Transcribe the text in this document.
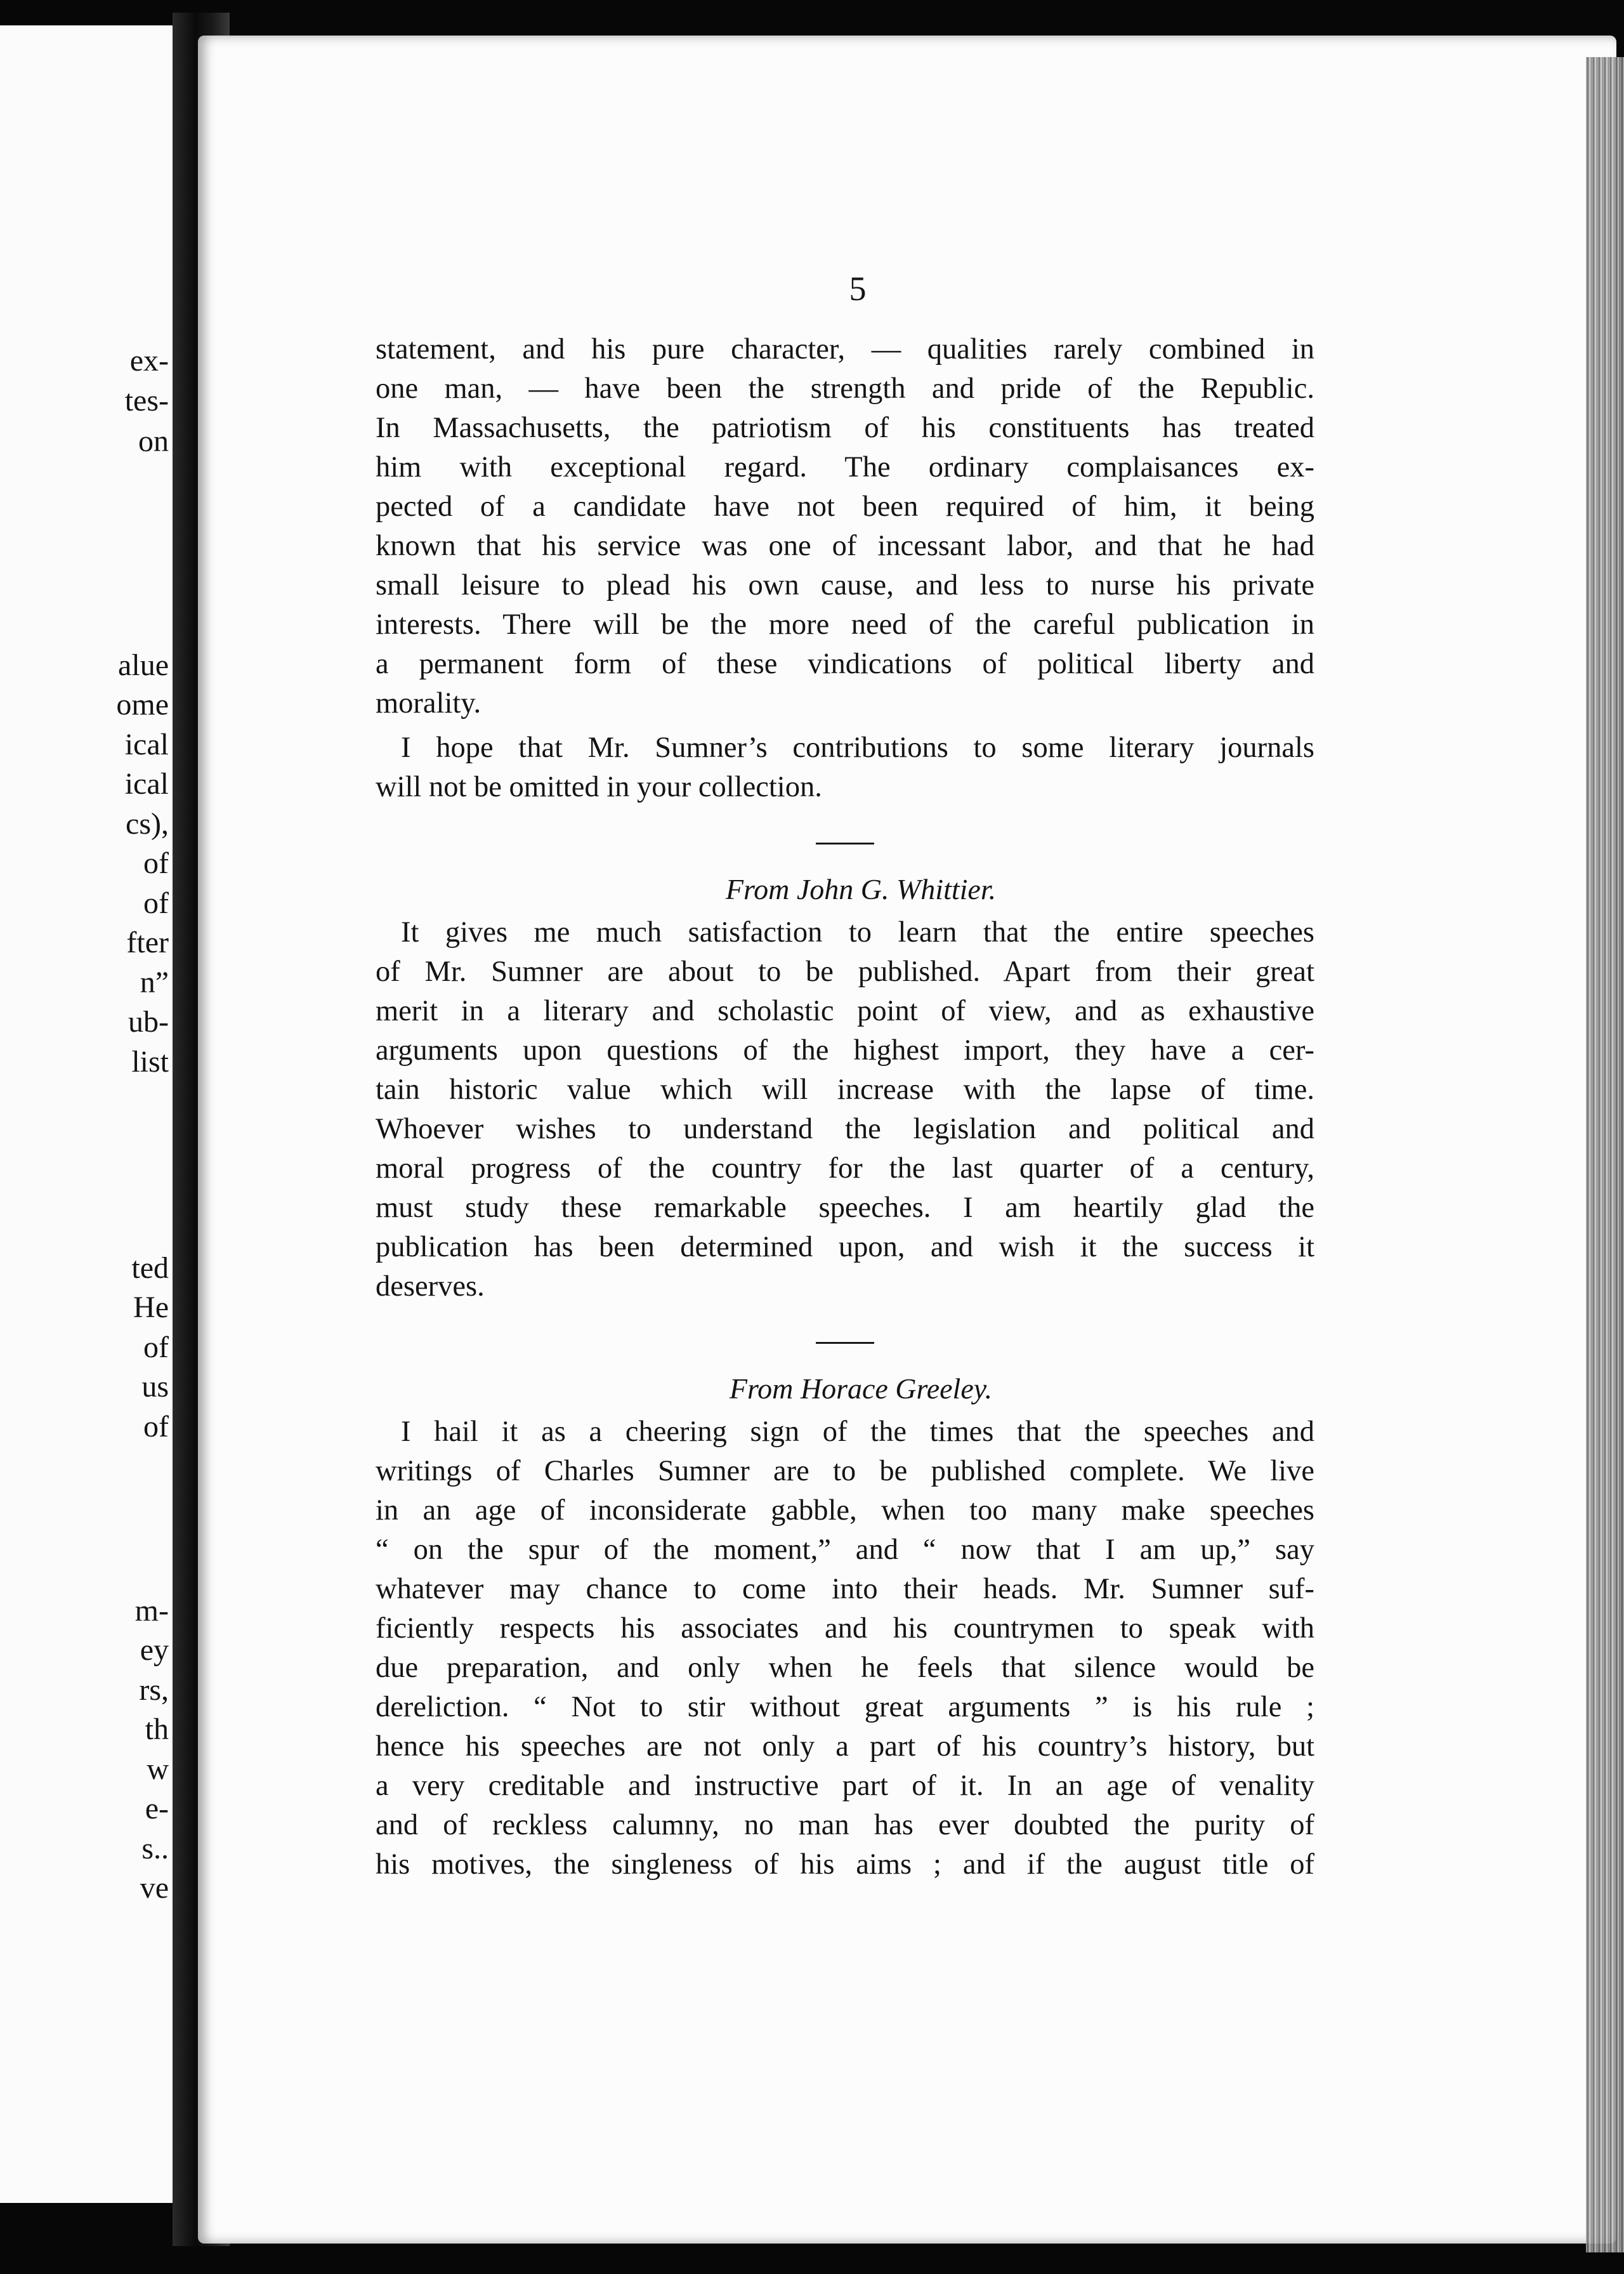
ex-
tes-
on
alue
ome
ical
ical
cs),
of
of
fter
n”
ub-
list
ted
He
of
us
of
m-
ey
rs,
th
w
e-
s..
ve
5
statement, and his pure character, — qualities rarely combined in
one man, — have been the strength and pride of the Republic.
In Massachusetts, the patriotism of his constituents has treated
him with exceptional regard. The ordinary complaisances ex-
pected of a candidate have not been required of him, it being
known that his service was one of incessant labor, and that he had
small leisure to plead his own cause, and less to nurse his private
interests. There will be the more need of the careful publication in
a permanent form of these vindications of political liberty and
morality.
I hope that Mr. Sumner’s contributions to some literary journals
will not be omitted in your collection.
From John G. Whittier.
It gives me much satisfaction to learn that the entire speeches
of Mr. Sumner are about to be published. Apart from their great
merit in a literary and scholastic point of view, and as exhaustive
arguments upon questions of the highest import, they have a cer-
tain historic value which will increase with the lapse of time.
Whoever wishes to understand the legislation and political and
moral progress of the country for the last quarter of a century,
must study these remarkable speeches. I am heartily glad the
publication has been determined upon, and wish it the success it
deserves.
From Horace Greeley.
I hail it as a cheering sign of the times that the speeches and
writings of Charles Sumner are to be published complete. We live
in an age of inconsiderate gabble, when too many make speeches
“ on the spur of the moment,” and “ now that I am up,” say
whatever may chance to come into their heads. Mr. Sumner suf-
ficiently respects his associates and his countrymen to speak with
due preparation, and only when he feels that silence would be
dereliction. “ Not to stir without great arguments ” is his rule ;
hence his speeches are not only a part of his country’s history, but
a very creditable and instructive part of it. In an age of venality
and of reckless calumny, no man has ever doubted the purity of
his motives, the singleness of his aims ; and if the august title of
